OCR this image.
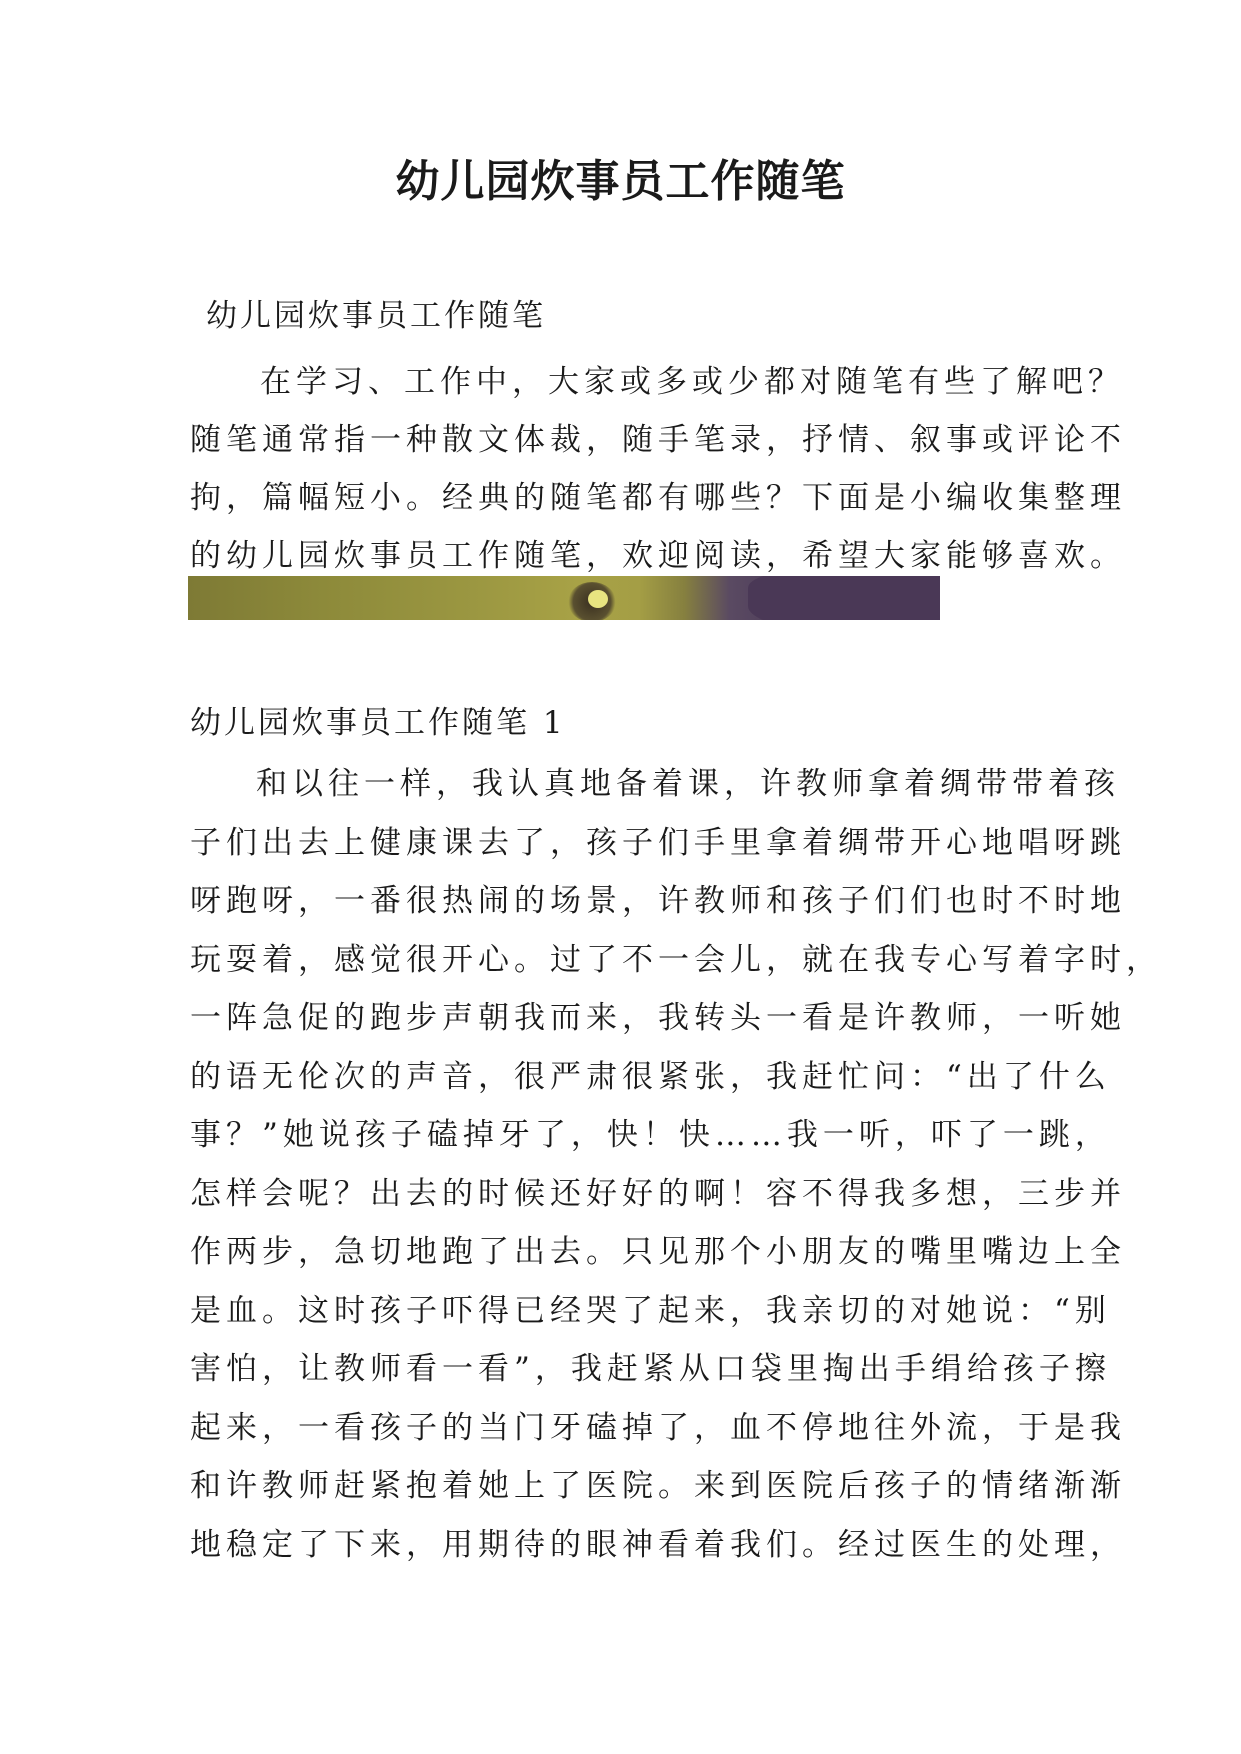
幼儿园炊事员工作随笔

幼儿园炊事员工作随笔

在学习、工作中，大家或多或少都对随笔有些了解吧？
随笔通常指一种散文体裁，随手笔录，抒情、叙事或评论不
拘，篇幅短小。经典的随笔都有哪些？下面是小编收集整理
的幼儿园炊事员工作随笔，欢迎阅读，希望大家能够喜欢。

幼儿园炊事员工作随笔 1

和以往一样，我认真地备着课，许教师拿着绸带带着孩
子们出去上健康课去了，孩子们手里拿着绸带开心地唱呀跳
呀跑呀，一番很热闹的场景，许教师和孩子们们也时不时地
玩耍着，感觉很开心。过了不一会儿，就在我专心写着字时，
一阵急促的跑步声朝我而来，我转头一看是许教师，一听她
的语无伦次的声音，很严肃很紧张，我赶忙问：“出了什么
事？”她说孩子磕掉牙了，快！快……我一听，吓了一跳，
怎样会呢？出去的时候还好好的啊！容不得我多想，三步并
作两步，急切地跑了出去。只见那个小朋友的嘴里嘴边上全
是血。这时孩子吓得已经哭了起来，我亲切的对她说：“别
害怕，让教师看一看”，我赶紧从口袋里掏出手绢给孩子擦
起来，一看孩子的当门牙磕掉了，血不停地往外流，于是我
和许教师赶紧抱着她上了医院。来到医院后孩子的情绪渐渐
地稳定了下来，用期待的眼神看着我们。经过医生的处理，
